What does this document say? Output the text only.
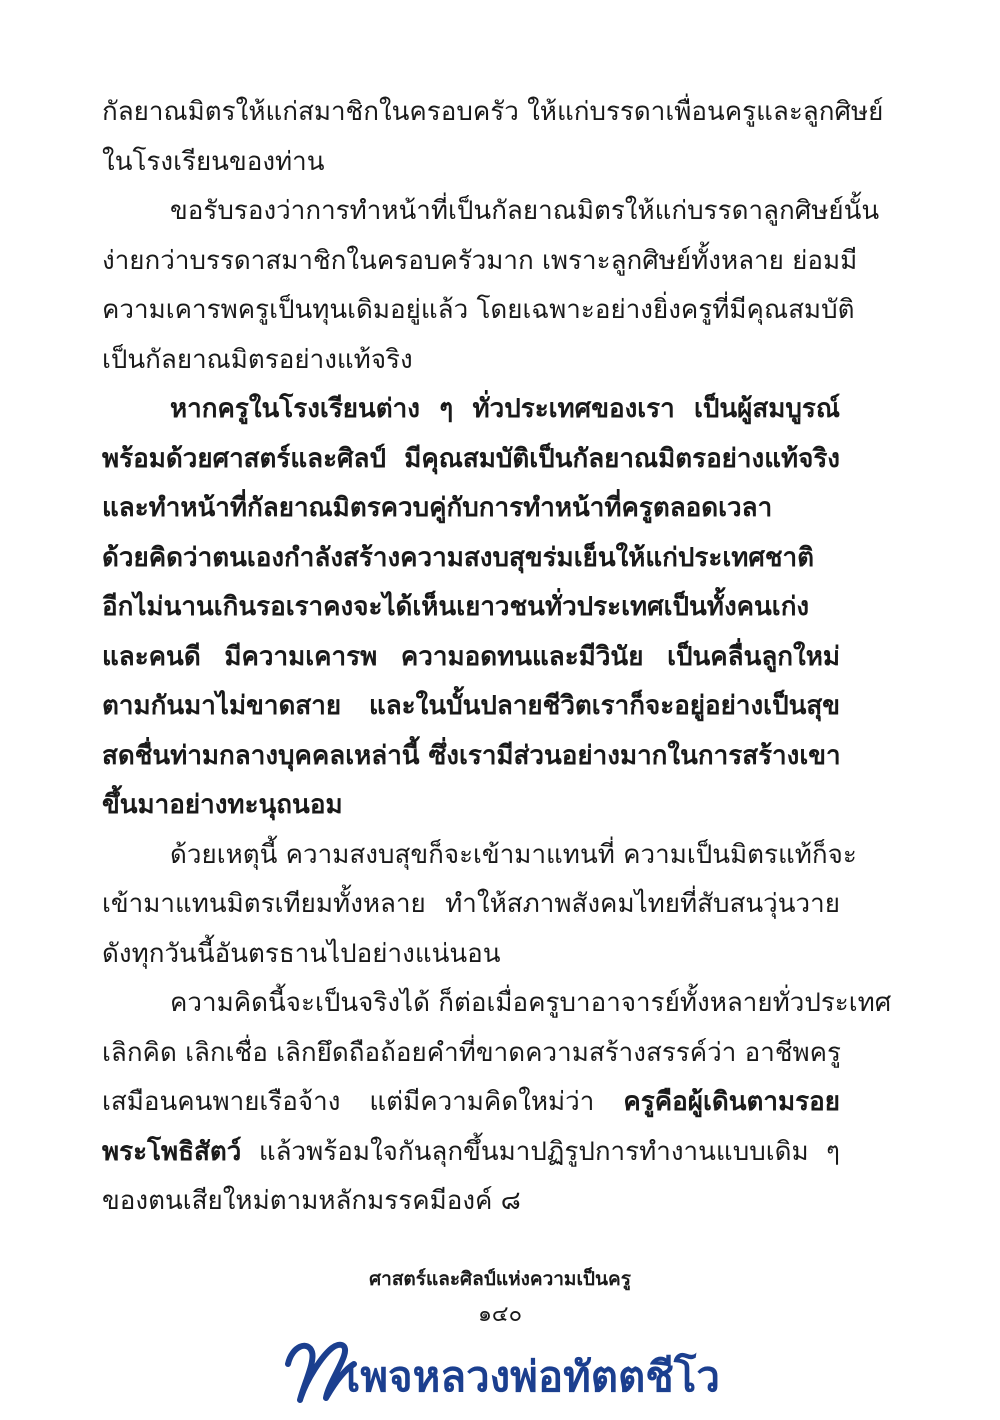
กัลยาณมิตรให้แก่สมาชิกในครอบครัว ให้แก่บรรดาเพื่อนครูและลูกศิษย์
ในโรงเรียนของท่าน
ขอรับรองว่าการทำหน้าที่เป็นกัลยาณมิตรให้แก่บรรดาลูกศิษย์นั้น
ง่ายกว่าบรรดาสมาชิกในครอบครัวมาก เพราะลูกศิษย์ทั้งหลาย ย่อมมี
ความเคารพครูเป็นทุนเดิมอยู่แล้ว โดยเฉพาะอย่างยิ่งครูที่มีคุณสมบัติ
เป็นกัลยาณมิตรอย่างแท้จริง
หากครูในโรงเรียนต่าง ๆ ทั่วประเทศของเรา เป็นผู้สมบูรณ์
พร้อมด้วยศาสตร์และศิลป์ มีคุณสมบัติเป็นกัลยาณมิตรอย่างแท้จริง
และทำหน้าที่กัลยาณมิตรควบคู่กับการทำหน้าที่ครูตลอดเวลา
ด้วยคิดว่าตนเองกำลังสร้างความสงบสุขร่มเย็นให้แก่ประเทศชาติ
อีกไม่นานเกินรอเราคงจะได้เห็นเยาวชนทั่วประเทศเป็นทั้งคนเก่ง
และคนดี มีความเคารพ ความอดทนและมีวินัย เป็นคลื่นลูกใหม่
ตามกันมาไม่ขาดสาย และในบั้นปลายชีวิตเราก็จะอยู่อย่างเป็นสุข
สดชื่นท่ามกลางบุคคลเหล่านี้ ซึ่งเรามีส่วนอย่างมากในการสร้างเขา
ขึ้นมาอย่างทะนุถนอม
ด้วยเหตุนี้ ความสงบสุขก็จะเข้ามาแทนที่ ความเป็นมิตรแท้ก็จะ
เข้ามาแทนมิตรเทียมทั้งหลาย ทำให้สภาพสังคมไทยที่สับสนวุ่นวาย
ดังทุกวันนี้อันตรธานไปอย่างแน่นอน
ความคิดนี้จะเป็นจริงได้ ก็ต่อเมื่อครูบาอาจารย์ทั้งหลายทั่วประเทศ
เลิกคิด เลิกเชื่อ เลิกยึดถือถ้อยคำที่ขาดความสร้างสรรค์ว่า อาชีพครู
เสมือนคนพายเรือจ้าง แต่มีความคิดใหม่ว่า ครูคือผู้เดินตามรอย
พระโพธิสัตว์ แล้วพร้อมใจกันลุกขึ้นมาปฏิรูปการทำงานแบบเดิม ๆ
ของตนเสียใหม่ตามหลักมรรคมีองค์ ๘
ศาสตร์และศิลป์แห่งความเป็นครู
๑๔๐
เพจหลวงพ่อทัตตชีโว
